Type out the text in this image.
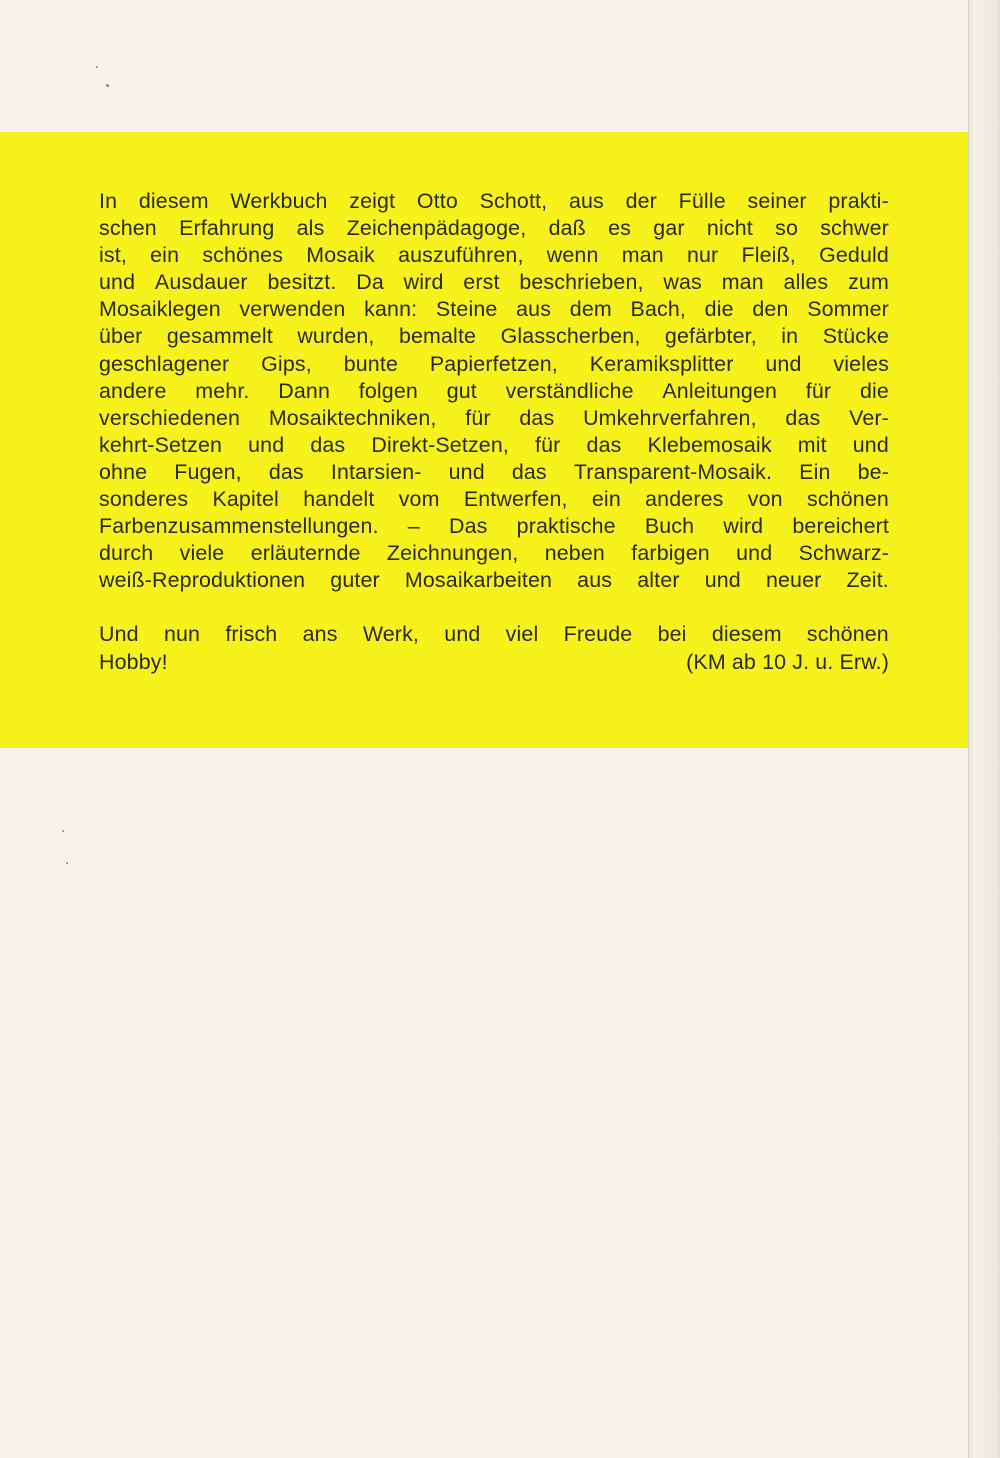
In diesem Werkbuch zeigt Otto Schott, aus der Fülle seiner prakti-
schen Erfahrung als Zeichenpädagoge, daß es gar nicht so schwer
ist, ein schönes Mosaik auszuführen, wenn man nur Fleiß, Geduld
und Ausdauer besitzt. Da wird erst beschrieben, was man alles zum
Mosaiklegen verwenden kann: Steine aus dem Bach, die den Sommer
über gesammelt wurden, bemalte Glasscherben, gefärbter, in Stücke
geschlagener Gips, bunte Papierfetzen, Keramiksplitter und vieles
andere mehr. Dann folgen gut verständliche Anleitungen für die
verschiedenen Mosaiktechniken, für das Umkehrverfahren, das Ver-
kehrt-Setzen und das Direkt-Setzen, für das Klebemosaik mit und
ohne Fugen, das Intarsien- und das Transparent-Mosaik. Ein be-
sonderes Kapitel handelt vom Entwerfen, ein anderes von schönen
Farbenzusammenstellungen. – Das praktische Buch wird bereichert
durch viele erläuternde Zeichnungen, neben farbigen und Schwarz-
weiß-Reproduktionen guter Mosaikarbeiten aus alter und neuer Zeit.
Und nun frisch ans Werk, und viel Freude bei diesem schönen
Hobby!	(KM ab 10 J. u. Erw.)
